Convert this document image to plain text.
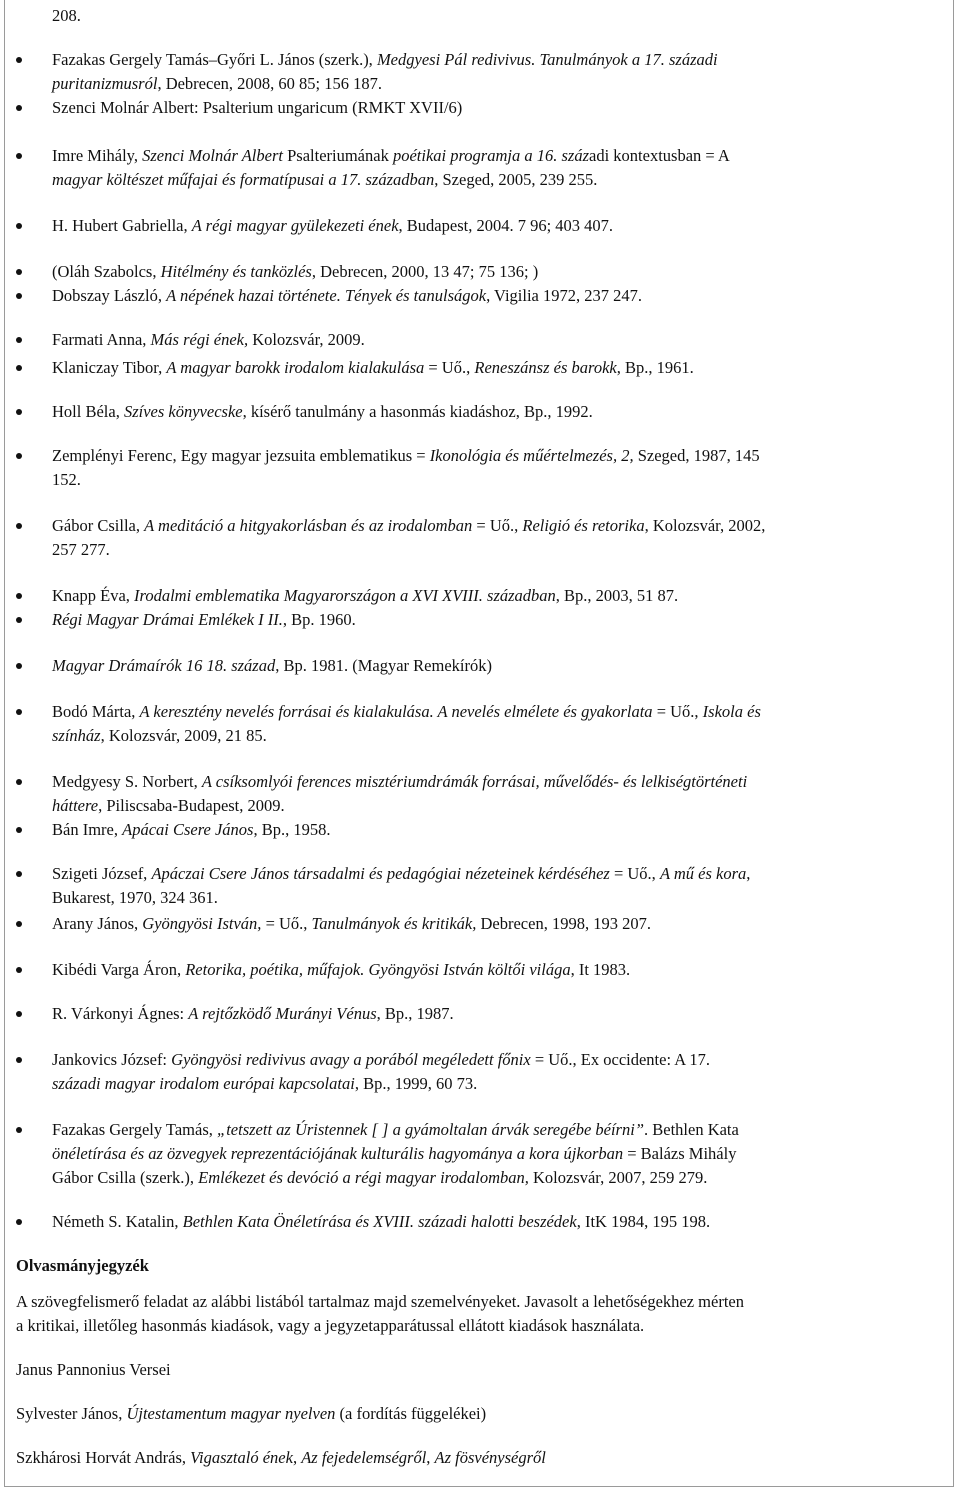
208.
Fazakas Gergely Tamás–Győri L. János (szerk.), Medgyesi Pál redivivus. Tanulmányok a 17. századi
puritanizmusról, Debrecen, 2008, 60 85; 156 187.
Szenci Molnár Albert: Psalterium ungaricum (RMKT XVII/6)
Imre Mihály, Szenci Molnár Albert Psalteriumának poétikai programja a 16. századi kontextusban = A
magyar költészet műfajai és formatípusai a 17. században, Szeged, 2005, 239 255.
H. Hubert Gabriella, A régi magyar gyülekezeti ének, Budapest, 2004. 7 96; 403 407.
(Oláh Szabolcs, Hitélmény és tanközlés, Debrecen, 2000, 13 47; 75 136; )
Dobszay László, A népének hazai története. Tények és tanulságok, Vigilia 1972, 237 247.
Farmati Anna, Más régi ének, Kolozsvár, 2009.
Klaniczay Tibor, A magyar barokk irodalom kialakulása = Uő., Reneszánsz és barokk, Bp., 1961.
Holl Béla, Szíves könyvecske, kísérő tanulmány a hasonmás kiadáshoz, Bp., 1992.
Zemplényi Ferenc, Egy magyar jezsuita emblematikus = Ikonológia és műértelmezés, 2, Szeged, 1987, 145
152.
Gábor Csilla, A meditáció a hitgyakorlásban és az irodalomban = Uő., Religió és retorika, Kolozsvár, 2002,
257 277.
Knapp Éva, Irodalmi emblematika Magyarországon a XVI XVIII. században, Bp., 2003, 51 87.
Régi Magyar Drámai Emlékek I II., Bp. 1960.
Magyar Drámaírók 16 18. század, Bp. 1981. (Magyar Remekírók)
Bodó Márta, A keresztény nevelés forrásai és kialakulása. A nevelés elmélete és gyakorlata = Uő., Iskola és
színház, Kolozsvár, 2009, 21 85.
Medgyesy S. Norbert, A csíksomlyói ferences misztériumdrámák forrásai, művelődés- és lelkiségtörténeti
háttere, Piliscsaba-Budapest, 2009.
Bán Imre, Apácai Csere János, Bp., 1958.
Szigeti József, Apáczai Csere János társadalmi és pedagógiai nézeteinek kérdéséhez = Uő., A mű és kora,
Bukarest, 1970, 324 361.
Arany János, Gyöngyösi István, = Uő., Tanulmányok és kritikák, Debrecen, 1998, 193 207.
Kibédi Varga Áron, Retorika, poétika, műfajok. Gyöngyösi István költői világa, It 1983.
R. Várkonyi Ágnes: A rejtőzködő Murányi Vénus, Bp., 1987.
Jankovics József: Gyöngyösi redivivus avagy a porából megéledett főnix = Uő., Ex occidente: A 17.
századi magyar irodalom európai kapcsolatai, Bp., 1999, 60 73.
Fazakas Gergely Tamás, „tetszett az Úristennek [ ] a gyámoltalan árvák seregébe béírni”. Bethlen Kata
önéletírása és az özvegyek reprezentációjának kulturális hagyománya a kora újkorban = Balázs Mihály
Gábor Csilla (szerk.), Emlékezet és devóció a régi magyar irodalomban, Kolozsvár, 2007, 259 279.
Németh S. Katalin, Bethlen Kata Önéletírása és XVIII. századi halotti beszédek, ItK 1984, 195 198.
Olvasmányjegyzék
A szövegfelismerő feladat az alábbi listából tartalmaz majd szemelvényeket. Javasolt a lehetőségekhez mérten
a kritikai, illetőleg hasonmás kiadások, vagy a jegyzetapparátussal ellátott kiadások használata.
Janus Pannonius Versei
Sylvester János, Újtestamentum magyar nyelven (a fordítás függelékei)
Szkhárosi Horvát András, Vigasztaló ének, Az fejedelemségről, Az fösvénységről
